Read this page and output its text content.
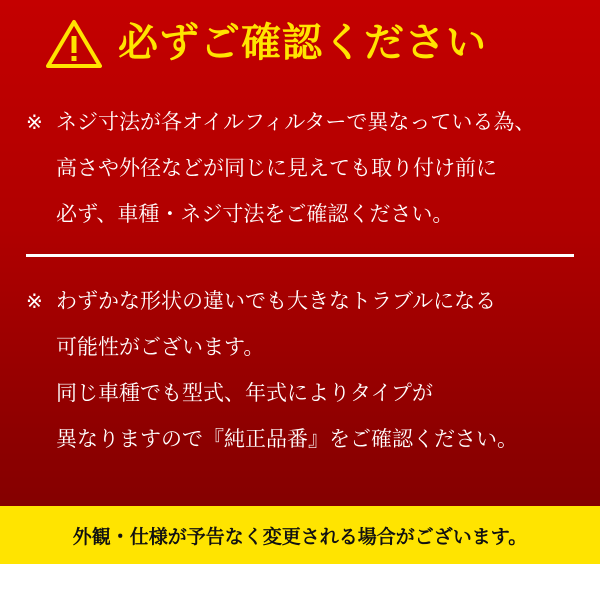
必ずご確認ください
※ ネジ寸法が各オイルフィルターで異なっている為、
高さや外径などが同じに見えても取り付け前に
必ず、車種・ネジ寸法をご確認ください。
※ わずかな形状の違いでも大きなトラブルになる
可能性がございます。
同じ車種でも型式、年式によりタイプが
異なりますので『純正品番』をご確認ください。
外観・仕様が予告なく変更される場合がございます。
